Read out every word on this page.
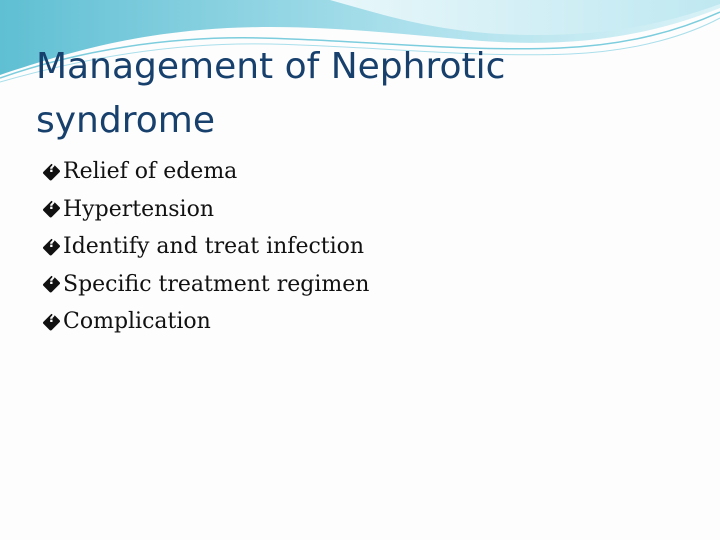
Management of Nephrotic syndrome
?
Relief of edema
?
Hypertension
?
Identify and treat infection
?
Specific treatment regimen
?
Complication
